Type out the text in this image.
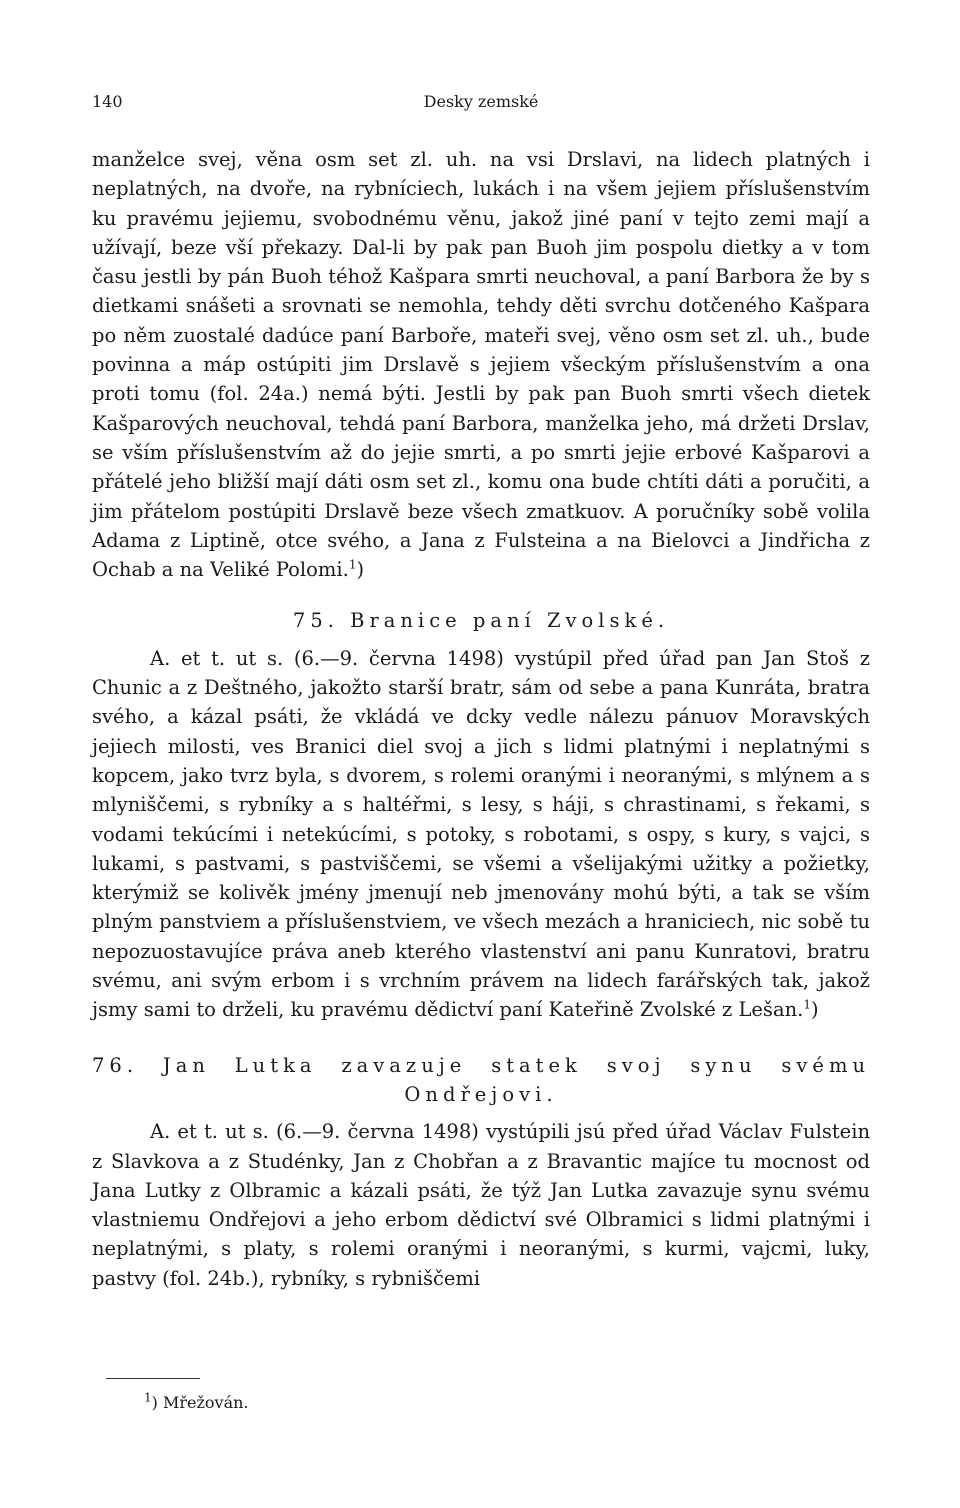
140	Desky zemské

manželce svej, věna osm set zl. uh. na vsi Drslavi, na lidech platných i neplatných, na dvoře, na rybníciech, lukách i na všem jejiem příslušenstvím ku pravému jejiemu, svobodnému věnu, jakož jiné paní v tejto zemi mají a užívají, beze vší překazy. Dal-li by pak pan Buoh jim pospolu dietky a v tom času jestli by pán Buoh téhož Kašpara smrti neuchoval, a paní Barbora že by s dietkami snášeti a srovnati se nemohla, tehdy děti svrchu dotčeného Kašpara po něm zuostalé dadúce paní Barboře, mateři svej, věno osm set zl. uh., bude povinna a máp ostúpiti jim Drslavě s jejiem všeckým příslušenstvím a ona proti tomu (fol. 24a.) nemá býti. Jestli by pak pan Buoh smrti všech dietek Kašparových neuchoval, tehdá paní Barbora, manželka jeho, má držeti Drslav, se vším příslušenstvím až do jejie smrti, a po smrti jejie erbové Kašparovi a přátelé jeho bližší mají dáti osm set zl., komu ona bude chtíti dáti a poručiti, a jim přátelom postúpiti Drslavě beze všech zmatkuov. A poručníky sobě volila Adama z Liptině, otce svého, a Jana z Fulsteina a na Bielovci a Jindřicha z Ochab a na Veliké Polomi.$^1$)

75. Branice paní Zvolské.

A. et t. ut s. (6.—9. června 1498) vystúpil před úřad pan Jan Stoš z Chunic a z Deštného, jakožto starší bratr, sám od sebe a pana Kunráta, bratra svého, a kázal psáti, že vkládá ve dcky vedle nálezu pánuov Moravských jejiech milosti, ves Branici diel svoj a jich s lidmi platnými i neplatnými s kopcem, jako tvrz byla, s dvorem, s rolemi oranými i neoranými, s mlýnem a s mlyniščemi, s rybníky a s haltéřmi, s lesy, s háji, s chrastinami, s řekami, s vodami tekúcími i netekúcími, s potoky, s robotami, s ospy, s kury, s vajci, s lukami, s pastvami, s pastviščemi, se všemi a všelijakými užitky a požietky, kterýmiž se kolivěk jmény jmenují neb jmenovány mohú býti, a tak se vším plným panstviem a příslušenstviem, ve všech mezách a hraniciech, nic sobě tu nepozuostavujíce práva aneb kterého vlastenství ani panu Kunratovi, bratru svému, ani svým erbom i s vrchním právem na lidech farářských tak, jakož jsmy sami to drželi, ku pravému dědictví paní Kateřině Zvolské z Lešan.$^1$)

76. Jan Lutka zavazuje statek svoj synu svému

Ondřejovi.

A. et t. ut s. (6.—9. června 1498) vystúpili jsú před úřad Václav Fulstein z Slavkova a z Studénky, Jan z Chobřan a z Bravantic majíce tu mocnost od Jana Lutky z Olbramic a kázali psáti, že týž Jan Lutka zavazuje synu svému vlastniemu Ondřejovi a jeho erbom dědictví své Olbramici s lidmi platnými i neplatnými, s platy, s rolemi oranými i neoranými, s kurmi, vajcmi, luky, pastvy (fol. 24b.), rybníky, s rybniščemi

$^1$) Mřežován.
